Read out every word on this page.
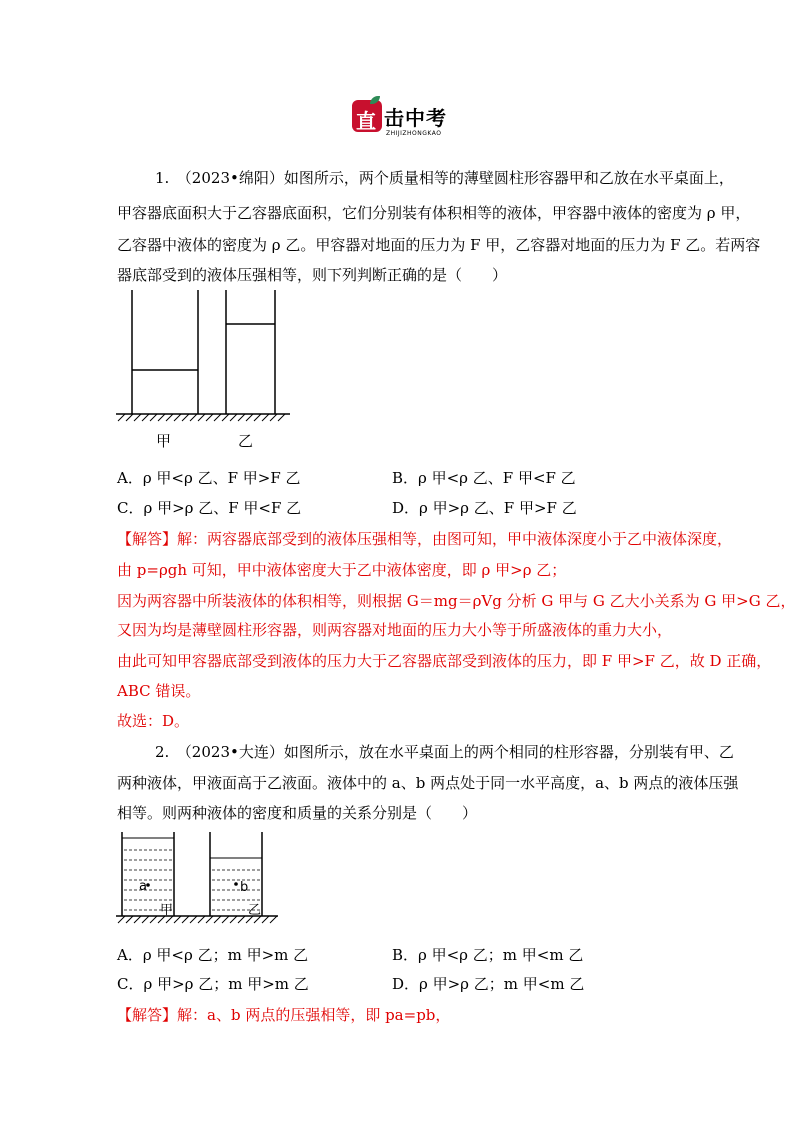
直 击中考
ZHIJIZHONGKAO
1.　（2023•绵阳）如图所示，两个质量相等的薄壁圆柱形容器甲和乙放在水平桌面上，
甲容器底面积大于乙容器底面积，它们分别装有体积相等的液体，甲容器中液体的密度为 ρ 甲，
乙容器中液体的密度为 ρ 乙。甲容器对地面的压力为 F 甲，乙容器对地面的压力为 F 乙。若两容
器底部受到的液体压强相等，则下列判断正确的是（　　）
甲	乙
A．ρ 甲<ρ 乙、F 甲>F 乙	B．ρ 甲<ρ 乙、F 甲<F 乙
C．ρ 甲>ρ 乙、F 甲<F 乙	D．ρ 甲>ρ 乙、F 甲>F 乙
【解答】解：两容器底部受到的液体压强相等，由图可知，甲中液体深度小于乙中液体深度，
由 p=ρgh 可知，甲中液体密度大于乙中液体密度，即 ρ 甲>ρ 乙；
因为两容器中所装液体的体积相等，则根据 G＝mg＝ρVg 分析 G 甲与 G 乙大小关系为 G 甲>G 乙，
又因为均是薄壁圆柱形容器，则两容器对地面的压力大小等于所盛液体的重力大小，
由此可知甲容器底部受到液体的压力大于乙容器底部受到液体的压力，即 F 甲>F 乙，故 D 正确，
ABC 错误。
故选：D。
2.　（2023•大连）如图所示，放在水平桌面上的两个相同的柱形容器，分别装有甲、乙
两种液体，甲液面高于乙液面。液体中的 a、b 两点处于同一水平高度，a、b 两点的液体压强
相等。则两种液体的密度和质量的关系分别是（　　）
a	b
甲	乙
A．ρ 甲<ρ 乙；m 甲>m 乙	B．ρ 甲<ρ 乙；m 甲<m 乙
C．ρ 甲>ρ 乙；m 甲>m 乙	D．ρ 甲>ρ 乙；m 甲<m 乙
【解答】解：a、b 两点的压强相等，即 pa=pb，
